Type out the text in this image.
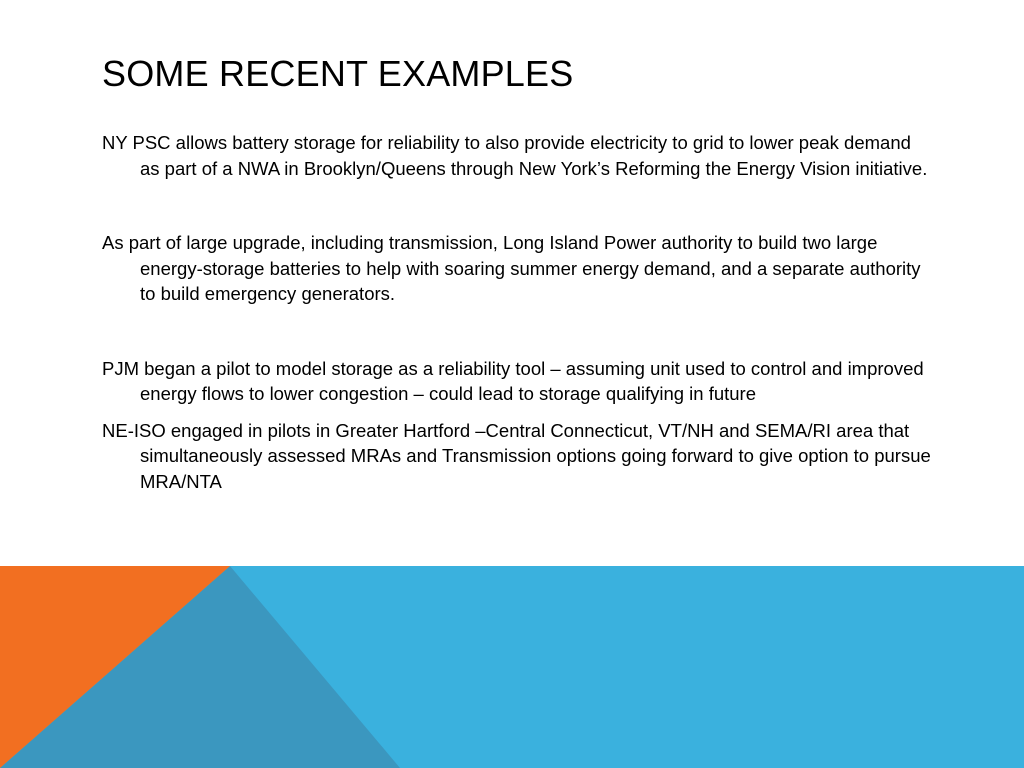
SOME RECENT EXAMPLES
NY PSC allows battery storage for reliability to also provide electricity to grid to lower peak demand as part of a NWA in Brooklyn/Queens through New York’s Reforming the Energy Vision initiative.
As part of large upgrade, including transmission, Long Island Power authority to build two large energy-storage batteries to help with soaring summer energy demand, and a separate authority to build emergency generators.
PJM began a pilot to model storage as a reliability tool – assuming unit used to control and improved energy flows to lower congestion – could lead to storage qualifying in future
NE-ISO engaged in pilots in Greater Hartford –Central Connecticut, VT/NH and SEMA/RI area that simultaneously assessed MRAs and Transmission options going forward to give option to pursue MRA/NTA
